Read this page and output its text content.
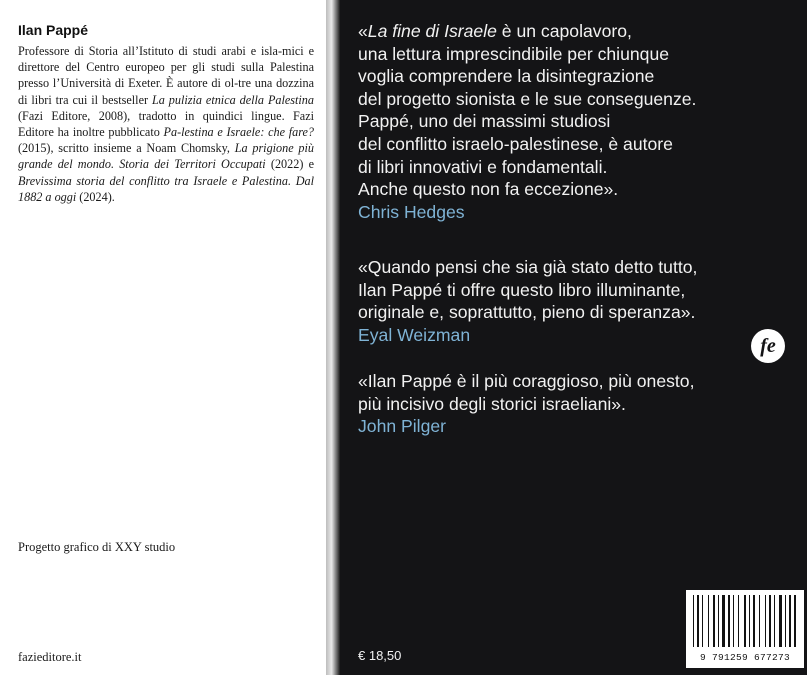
Ilan Pappé
Professore di Storia all’Istituto di studi arabi e isla-mici e direttore del Centro europeo per gli studi sulla Palestina presso l’Università di Exeter. È autore di ol-tre una dozzina di libri tra cui il bestseller La pulizia etnica della Palestina (Fazi Editore, 2008), tradotto in quindici lingue. Fazi Editore ha inoltre pubblicato Pa-lestina e Israele: che fare? (2015), scritto insieme a Noam Chomsky, La prigione più grande del mondo. Storia dei Territori Occupati (2022) e Brevissima storia del conflitto tra Israele e Palestina. Dal 1882 a oggi (2024).
Progetto grafico di XXY studio
fazieditore.it
«La fine di Israele è un capolavoro,
una lettura imprescindibile per chiunque
voglia comprendere la disintegrazione
del progetto sionista e le sue conseguenze.
Pappé, uno dei massimi studiosi
del conflitto israelo-palestinese, è autore
di libri innovativi e fondamentali.
Anche questo non fa eccezione».
Chris Hedges
«Quando pensi che sia già stato detto tutto,
Ilan Pappé ti offre questo libro illuminante,
originale e, soprattutto, pieno di speranza».
Eyal Weizman
«Ilan Pappé è il più coraggioso, più onesto,
più incisivo degli storici israeliani».
John Pilger
fe
€ 18,50	9 791259 677273
